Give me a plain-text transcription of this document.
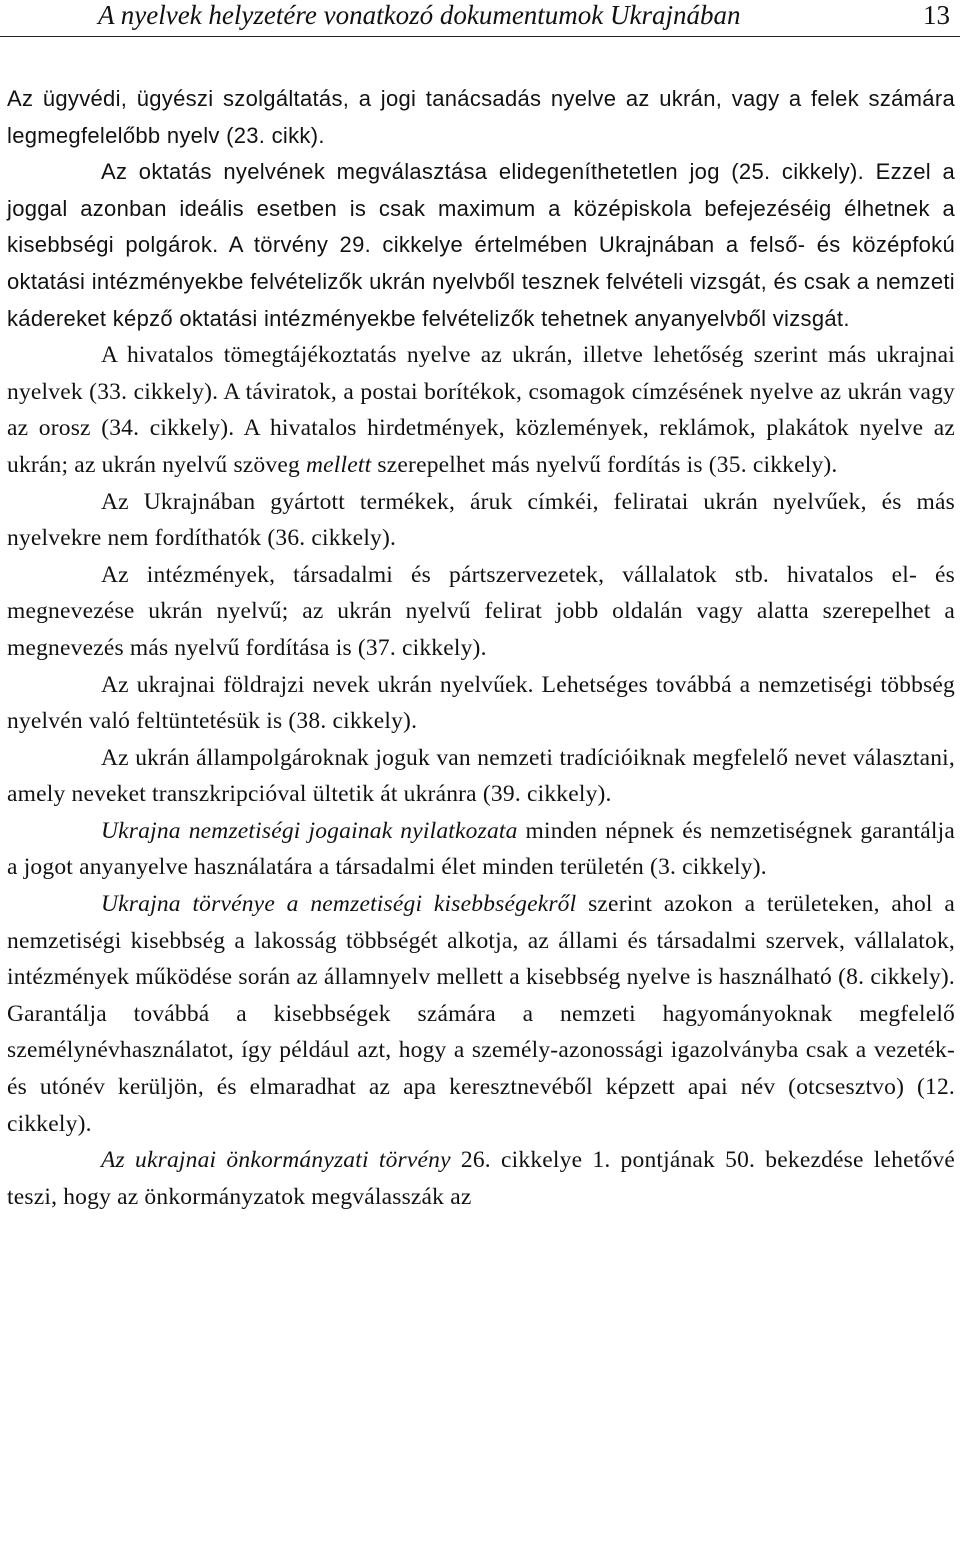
A nyelvek helyzetére vonatkozó dokumentumok Ukrajnában	13

Az ügyvédi, ügyészi szolgáltatás, a jogi tanácsadás nyelve az ukrán, vagy a felek számára legmegfelelőbb nyelv (23. cikk).

Az oktatás nyelvének megválasztása elidegeníthetetlen jog (25. cikkely). Ezzel a joggal azonban ideális esetben is csak maximum a középiskola befejezéséig élhetnek a kisebbségi polgárok. A törvény 29. cikkelye értelmében Ukrajnában a felső- és középfokú oktatási intézményekbe felvételizők ukrán nyelvből tesznek felvételi vizsgát, és csak a nemzeti kádereket képző oktatási intézményekbe felvételizők tehetnek anyanyelvből vizsgát.

A hivatalos tömegtájékoztatás nyelve az ukrán, illetve lehetőség szerint más ukrajnai nyelvek (33. cikkely). A táviratok, a postai borítékok, csomagok címzésének nyelve az ukrán vagy az orosz (34. cikkely). A hivatalos hirdetmények, közlemények, reklámok, plakátok nyelve az ukrán; az ukrán nyelvű szöveg mellett szerepelhet más nyelvű fordítás is (35. cikkely).

Az Ukrajnában gyártott termékek, áruk címkéi, feliratai ukrán nyelvűek, és más nyelvekre nem fordíthatók (36. cikkely).

Az intézmények, társadalmi és pártszervezetek, vállalatok stb. hivatalos el- és megnevezése ukrán nyelvű; az ukrán nyelvű felirat jobb oldalán vagy alatta szerepelhet a megnevezés más nyelvű fordítása is (37. cikkely).

Az ukrajnai földrajzi nevek ukrán nyelvűek. Lehetséges továbbá a nemzetiségi többség nyelvén való feltüntetésük is (38. cikkely).

Az ukrán állampolgároknak joguk van nemzeti tradícióiknak megfelelő nevet választani, amely neveket transzkripcióval ültetik át ukránra (39. cikkely).

Ukrajna nemzetiségi jogainak nyilatkozata minden népnek és nemzetiségnek garantálja a jogot anyanyelve használatára a társadalmi élet minden területén (3. cikkely).

Ukrajna törvénye a nemzetiségi kisebbségekről szerint azokon a területeken, ahol a nemzetiségi kisebbség a lakosság többségét alkotja, az állami és társadalmi szervek, vállalatok, intézmények működése során az államnyelv mellett a kisebbség nyelve is használható (8. cikkely). Garantálja továbbá a kisebbségek számára a nemzeti hagyományoknak megfelelő személynévhasználatot, így például azt, hogy a személy-azonossági igazolványba csak a vezeték- és utónév kerüljön, és elmaradhat az apa keresztnevéből képzett apai név (otcsesztvo) (12. cikkely).

Az ukrajnai önkormányzati törvény 26. cikkelye 1. pontjának 50. bekezdése lehetővé teszi, hogy az önkormányzatok megválasszák az
